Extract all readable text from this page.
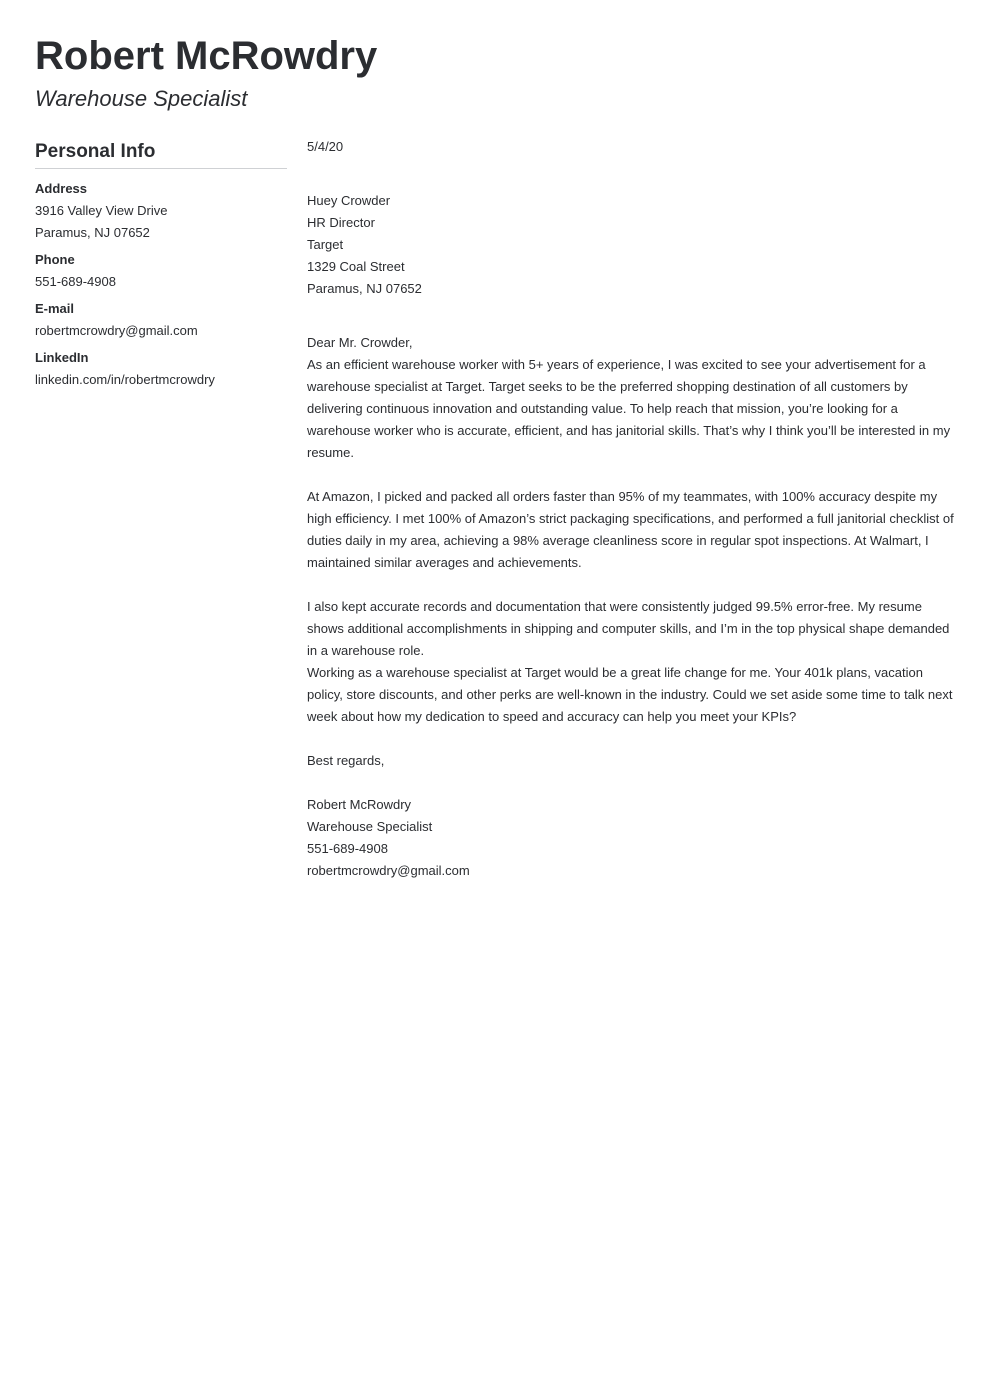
Robert McRowdry
Warehouse Specialist
Personal Info
Address
3916 Valley View Drive
Paramus, NJ 07652
Phone
551-689-4908
E-mail
robertmcrowdry@gmail.com
LinkedIn
linkedin.com/in/robertmcrowdry

5/4/20

Huey Crowder

HR Director

Target

1329 Coal Street

Paramus, NJ 07652

Dear Mr. Crowder,

As an efficient warehouse worker with 5+ years of experience, I was excited to see your advertisement for a warehouse specialist at Target. Target seeks to be the preferred shopping destination of all customers by delivering continuous innovation and outstanding value. To help reach that mission, you’re looking for a warehouse worker who is accurate, efficient, and has janitorial skills. That’s why I think you’ll be interested in my resume.

At Amazon, I picked and packed all orders faster than 95% of my teammates, with 100% accuracy despite my high efficiency. I met 100% of Amazon’s strict packaging specifications, and performed a full janitorial checklist of duties daily in my area, achieving a 98% average cleanliness score in regular spot inspections. At Walmart, I maintained similar averages and achievements.

I also kept accurate records and documentation that were consistently judged 99.5% error-free. My resume shows additional accomplishments in shipping and computer skills, and I’m in the top physical shape demanded in a warehouse role.

Working as a warehouse specialist at Target would be a great life change for me. Your 401k plans, vacation policy, store discounts, and other perks are well-known in the industry. Could we set aside some time to talk next week about how my dedication to speed and accuracy can help you meet your KPIs?

Best regards,

Robert McRowdry

Warehouse Specialist

551-689-4908

robertmcrowdry@gmail.com
